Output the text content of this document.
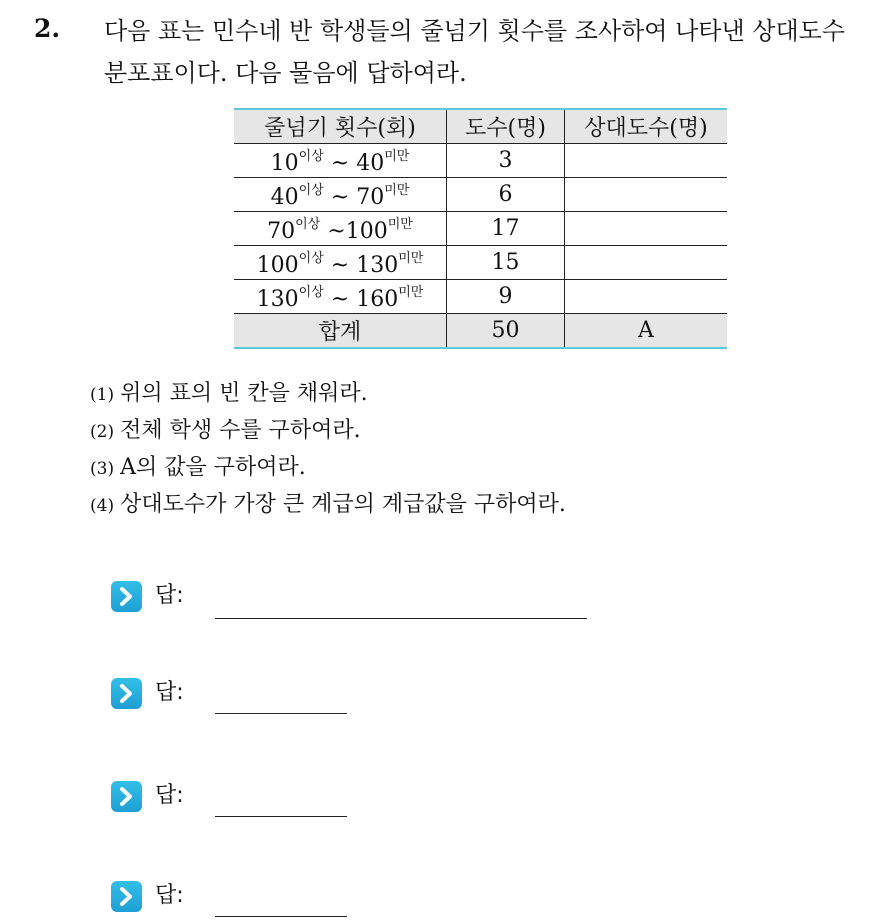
2. 다음 표는 민수네 반 학생들의 줄넘기 횟수를 조사하여 나타낸 상대도수 분포표이다. 다음 물음에 답하여라.

줄넘기 횟수(회)	도수(명)	상대도수(명)
$10^{이상}$ ~ $40^{미만}$	3	
$40^{이상}$ ~ $70^{미만}$	6	
$70^{이상}$ $\sim 100^{미만}$	17	
$100^{이상}$ ~ $130^{미만}$	15	
$130^{이상}$ ~ $160^{미만}$	9	
합계	50	A
(1) 위의 표의 빈 칸을 채워라.
(2) 전체 학생 수를 구하여라.
(3) A의 값을 구하여라.
(4) 상대도수가 가장 큰 계급의 계급값을 구하여라.
답:
답:
답:
답:
